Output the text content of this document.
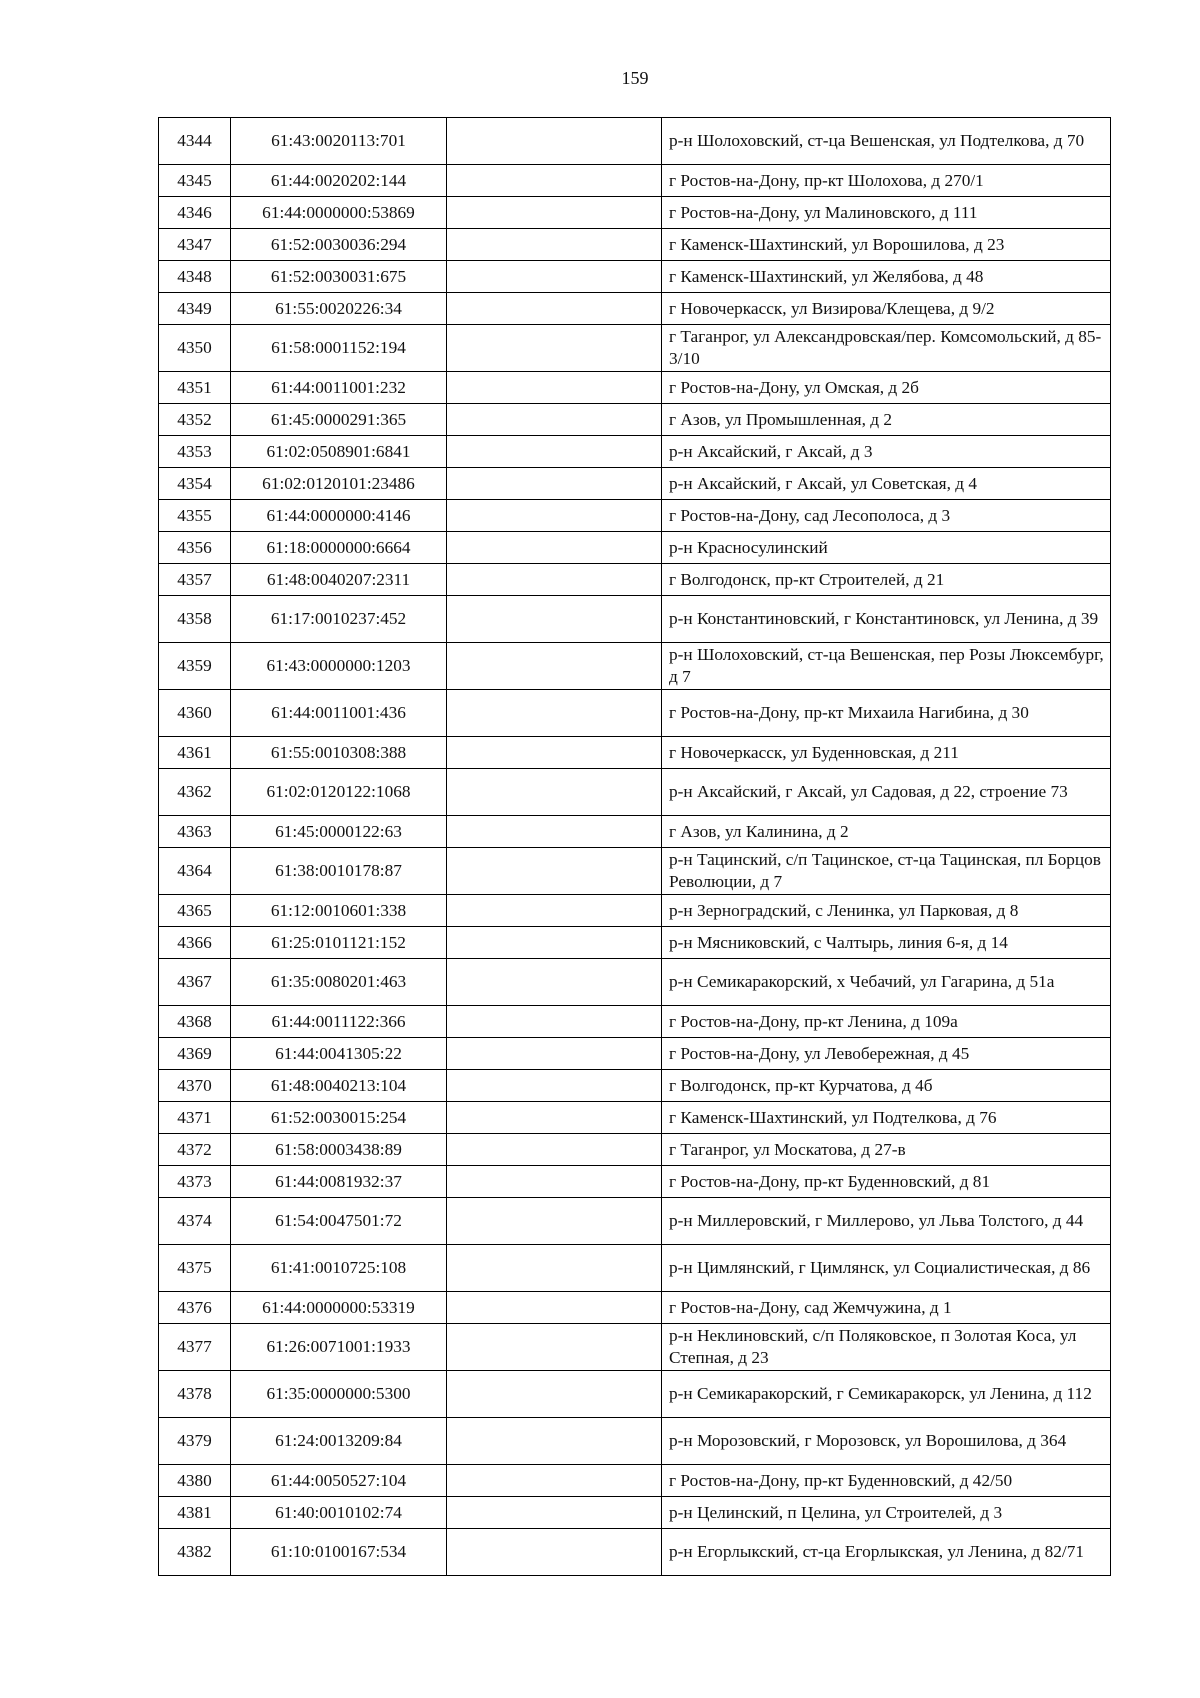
159
4344	61:43:0020113:701		р-н Шолоховский, ст-ца Вешенская, ул Подтелкова, д 70
4345	61:44:0020202:144		г Ростов-на-Дону, пр-кт Шолохова, д 270/1
4346	61:44:0000000:53869		г Ростов-на-Дону, ул Малиновского, д 111
4347	61:52:0030036:294		г Каменск-Шахтинский, ул Ворошилова, д 23
4348	61:52:0030031:675		г Каменск-Шахтинский, ул Желябова, д 48
4349	61:55:0020226:34		г Новочеркасск, ул Визирова/Клещева, д 9/2
4350	61:58:0001152:194		г Таганрог, ул Александровская/пер. Комсомольский, д 85-3/10
4351	61:44:0011001:232		г Ростов-на-Дону, ул Омская, д 2б
4352	61:45:0000291:365		г Азов, ул Промышленная, д 2
4353	61:02:0508901:6841		р-н Аксайский, г Аксай, д 3
4354	61:02:0120101:23486		р-н Аксайский, г Аксай, ул Советская, д 4
4355	61:44:0000000:4146		г Ростов-на-Дону, сад Лесополоса, д 3
4356	61:18:0000000:6664		р-н Красносулинский
4357	61:48:0040207:2311		г Волгодонск, пр-кт Строителей, д 21
4358	61:17:0010237:452		р-н Константиновский, г Константиновск, ул Ленина, д 39
4359	61:43:0000000:1203		р-н Шолоховский, ст-ца Вешенская, пер Розы Люксембург, д 7
4360	61:44:0011001:436		г Ростов-на-Дону, пр-кт Михаила Нагибина, д 30
4361	61:55:0010308:388		г Новочеркасск, ул Буденновская, д 211
4362	61:02:0120122:1068		р-н Аксайский, г Аксай, ул Садовая, д 22, строение 73
4363	61:45:0000122:63		г Азов, ул Калинина, д 2
4364	61:38:0010178:87		р-н Тацинский, с/п Тацинское, ст-ца Тацинская, пл Борцов Революции, д 7
4365	61:12:0010601:338		р-н Зерноградский, с Ленинка, ул Парковая, д 8
4366	61:25:0101121:152		р-н Мясниковский, с Чалтырь, линия 6-я, д 14
4367	61:35:0080201:463		р-н Семикаракорский, х Чебачий, ул Гагарина, д 51а
4368	61:44:0011122:366		г Ростов-на-Дону, пр-кт Ленина, д 109а
4369	61:44:0041305:22		г Ростов-на-Дону, ул Левобережная, д 45
4370	61:48:0040213:104		г Волгодонск, пр-кт Курчатова, д 4б
4371	61:52:0030015:254		г Каменск-Шахтинский, ул Подтелкова, д 76
4372	61:58:0003438:89		г Таганрог, ул Москатова, д 27-в
4373	61:44:0081932:37		г Ростов-на-Дону, пр-кт Буденновский, д 81
4374	61:54:0047501:72		р-н Миллеровский, г Миллерово, ул Льва Толстого, д 44
4375	61:41:0010725:108		р-н Цимлянский, г Цимлянск, ул Социалистическая, д 86
4376	61:44:0000000:53319		г Ростов-на-Дону, сад Жемчужина, д 1
4377	61:26:0071001:1933		р-н Неклиновский, с/п Поляковское, п Золотая Коса, ул Степная, д 23
4378	61:35:0000000:5300		р-н Семикаракорский, г Семикаракорск, ул Ленина, д 112
4379	61:24:0013209:84		р-н Морозовский, г Морозовск, ул Ворошилова, д 364
4380	61:44:0050527:104		г Ростов-на-Дону, пр-кт Буденновский, д 42/50
4381	61:40:0010102:74		р-н Целинский, п Целина, ул Строителей, д 3
4382	61:10:0100167:534		р-н Егорлыкский, ст-ца Егорлыкская, ул Ленина, д 82/71
